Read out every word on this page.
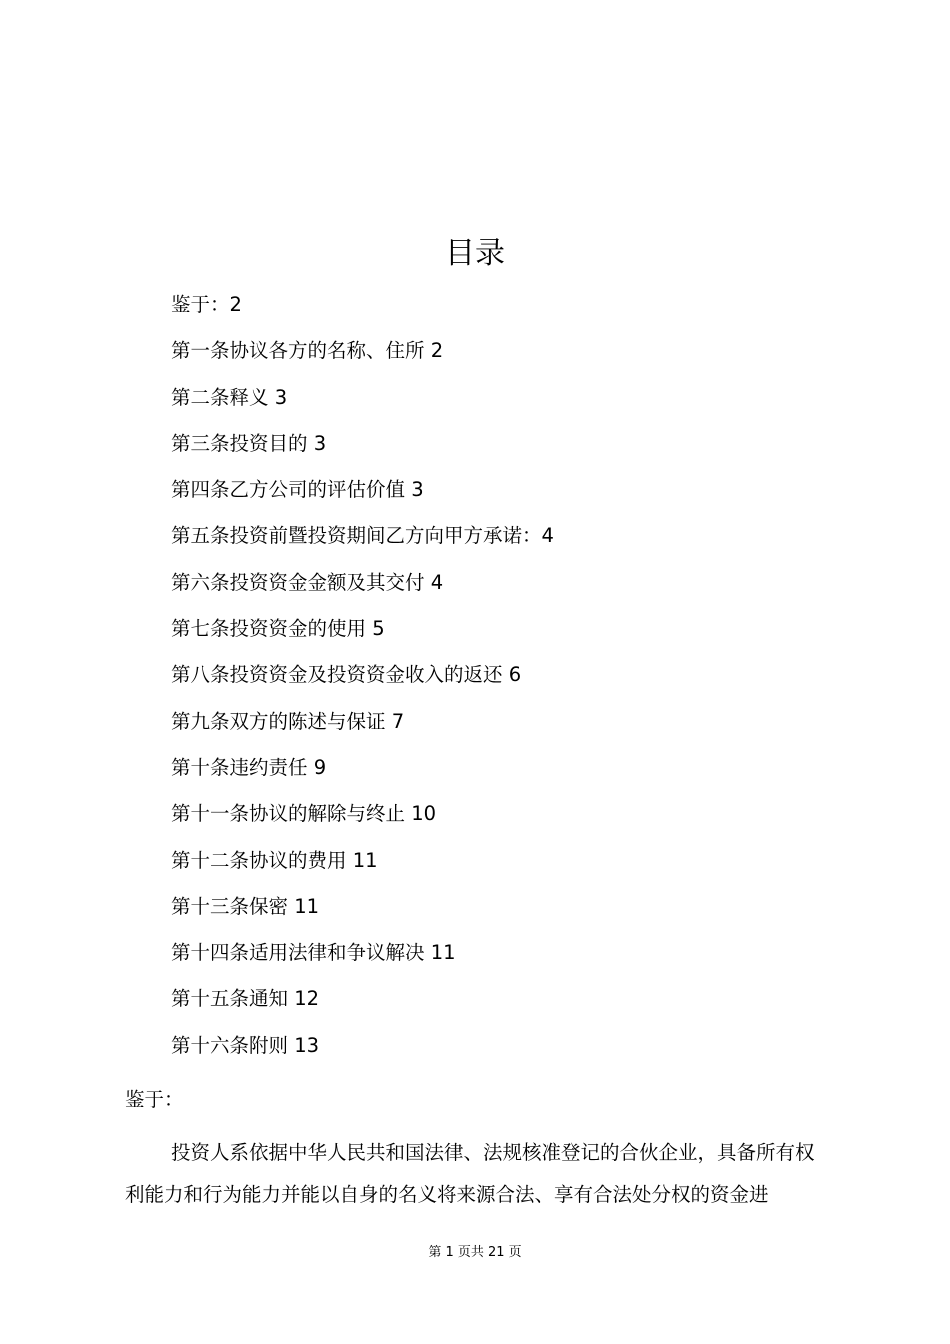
目录
鉴于：2
第一条协议各方的名称、住所 2
第二条释义 3
第三条投资目的 3
第四条乙方公司的评估价值 3
第五条投资前暨投资期间乙方向甲方承诺：4
第六条投资资金金额及其交付 4
第七条投资资金的使用 5
第八条投资资金及投资资金收入的返还 6
第九条双方的陈述与保证 7
第十条违约责任 9
第十一条协议的解除与终止 10
第十二条协议的费用 11
第十三条保密 11
第十四条适用法律和争议解决 11
第十五条通知 12
第十六条附则 13
鉴于：

投资人系依据中华人民共和国法律、法规核准登记的合伙企业，具备所有权利能力和行为能力并能以自身的名义将来源合法、享有合法处分权的资金进

第 1 页共 21 页
